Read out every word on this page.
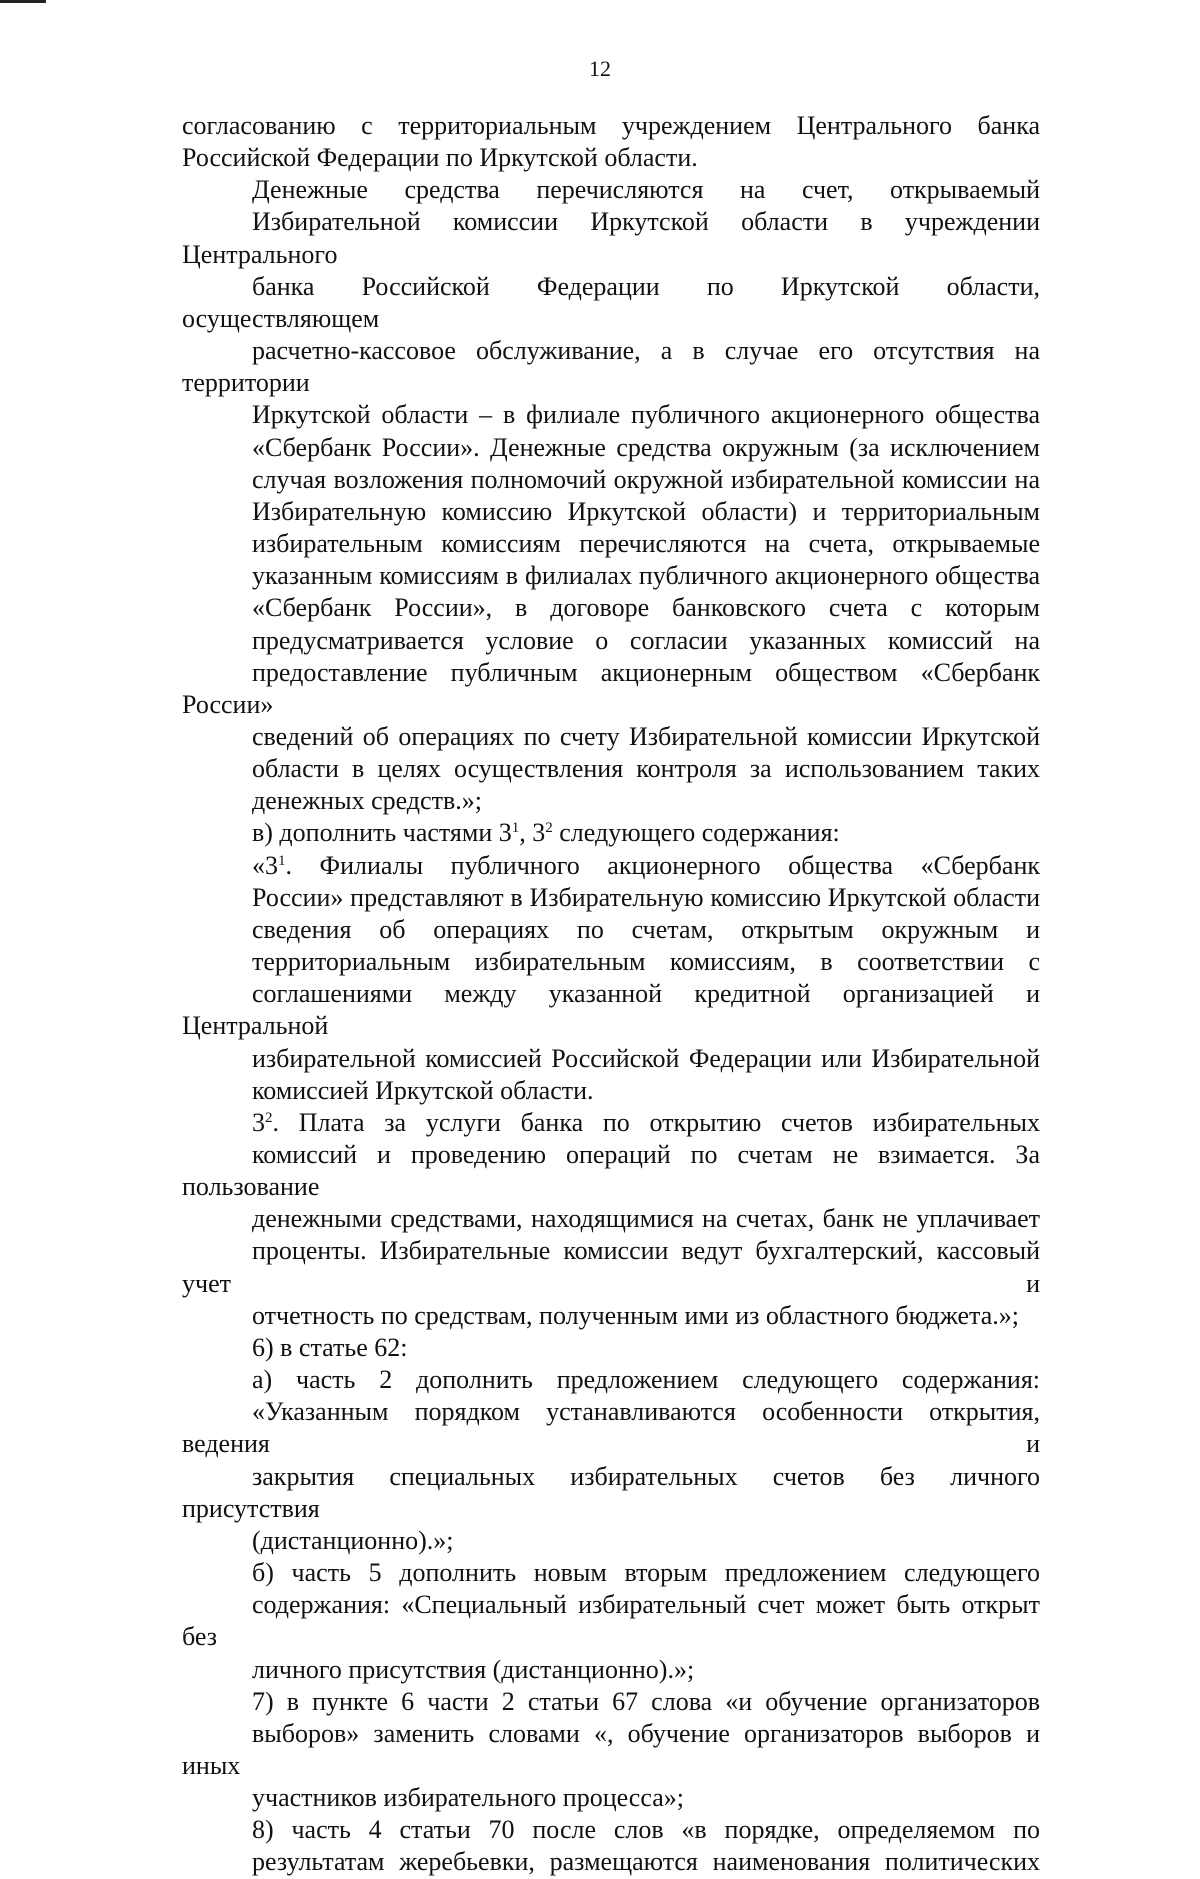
12

согласованию с территориальным учреждением Центрального банка
Российской Федерации по Иркутской области.

Денежные средства перечисляются на счет, открываемый
Избирательной комиссии Иркутской области в учреждении Центрального
банка Российской Федерации по Иркутской области, осуществляющем
расчетно-кассовое обслуживание, а в случае его отсутствия на территории
Иркутской области – в филиале публичного акционерного общества
«Сбербанк России». Денежные средства окружным (за исключением
случая возложения полномочий окружной избирательной комиссии на
Избирательную комиссию Иркутской области) и территориальным
избирательным комиссиям перечисляются на счета, открываемые
указанным комиссиям в филиалах публичного акционерного общества
«Сбербанк России», в договоре банковского счета с которым
предусматривается условие о согласии указанных комиссий на
предоставление публичным акционерным обществом «Сбербанк России»
сведений об операциях по счету Избирательной комиссии Иркутской
области в целях осуществления контроля за использованием таких
денежных средств.»;

в) дополнить частями $3^1$, $3^2$ следующего содержания:

«$3^1$. Филиалы публичного акционерного общества «Сбербанк
России» представляют в Избирательную комиссию Иркутской области
сведения об операциях по счетам, открытым окружным и
территориальным избирательным комиссиям, в соответствии с
соглашениями между указанной кредитной организацией и Центральной
избирательной комиссией Российской Федерации или Избирательной
комиссией Иркутской области.

$3^2$. Плата за услуги банка по открытию счетов избирательных
комиссий и проведению операций по счетам не взимается. За пользование
денежными средствами, находящимися на счетах, банк не уплачивает
проценты. Избирательные комиссии ведут бухгалтерский, кассовый учет и
отчетность по средствам, полученным ими из областного бюджета.»;

6) в статье 62:

а) часть 2 дополнить предложением следующего содержания:
«Указанным порядком устанавливаются особенности открытия, ведения и
закрытия специальных избирательных счетов без личного присутствия
(дистанционно).»;

б) часть 5 дополнить новым вторым предложением следующего
содержания: «Специальный избирательный счет может быть открыт без
личного присутствия (дистанционно).»;

7) в пункте 6 части 2 статьи 67 слова «и обучение организаторов
выборов» заменить словами «, обучение организаторов выборов и иных
участников избирательного процесса»;

8) часть 4 статьи 70 после слов «в порядке, определяемом по
результатам жеребьевки, размещаются наименования политических
